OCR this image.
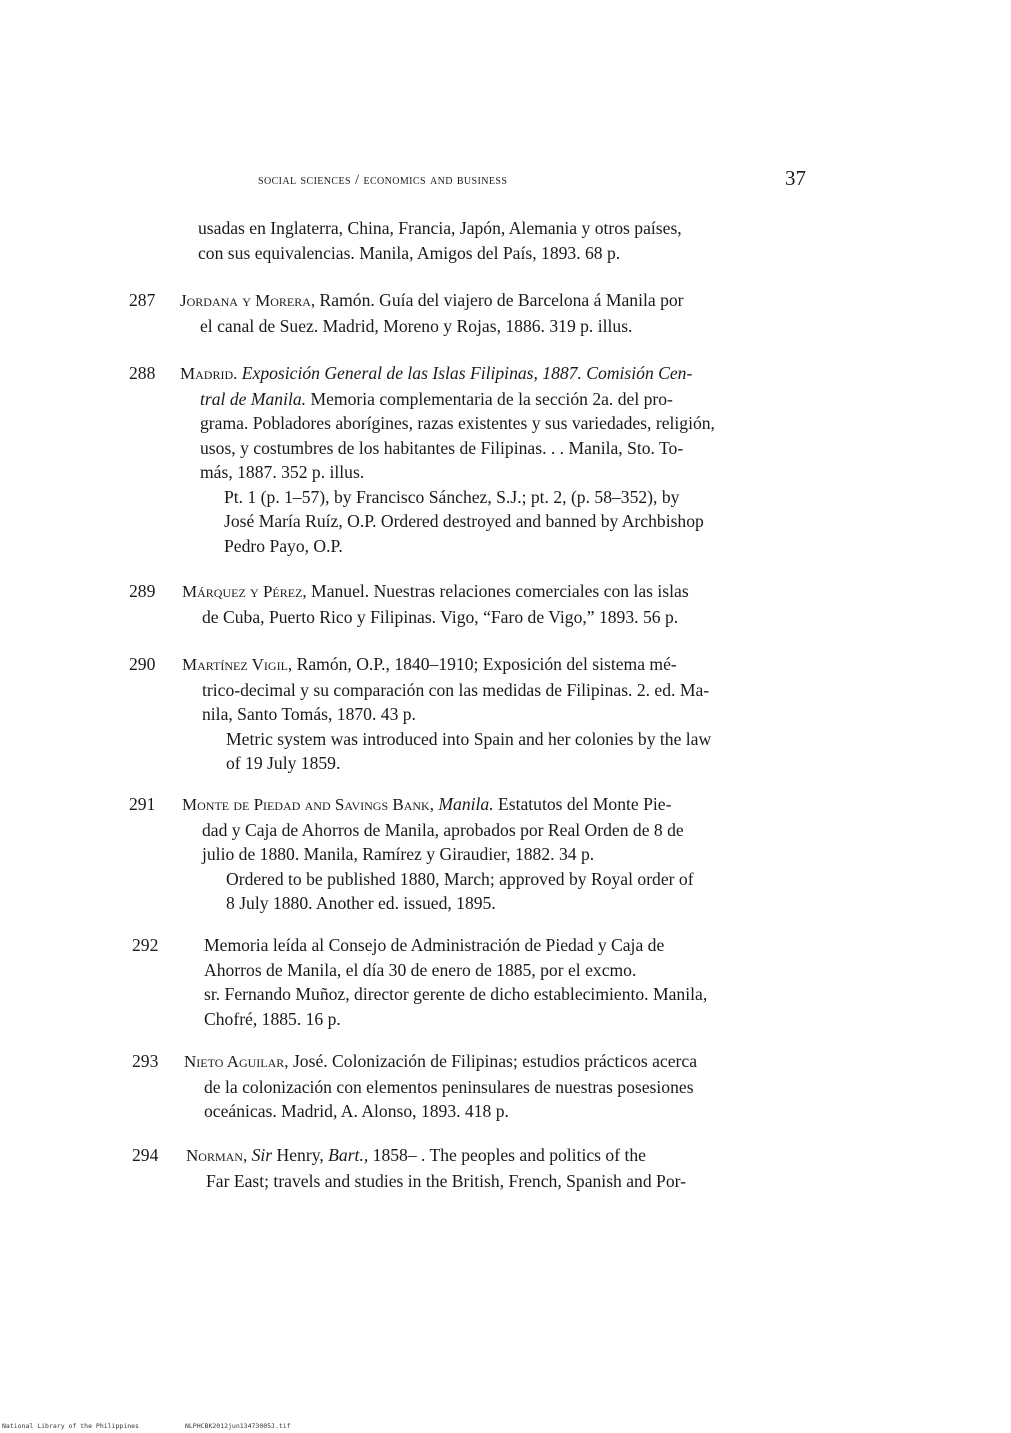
social sciences / economics and business	37

usadas en Inglaterra, China, Francia, Japón, Alemania y otros países,

con sus equivalencias. Manila, Amigos del País, 1893. 68 p.

287 Jordana y Morera, Ramón. Guía del viajero de Barcelona á Manila por

el canal de Suez. Madrid, Moreno y Rojas, 1886. 319 p. illus.

288 Madrid. Exposición General de las Islas Filipinas, 1887. Comisión Cen-

tral de Manila. Memoria complementaria de la sección 2a. del pro-

grama. Pobladores aborígines, razas existentes y sus variedades, religión,

usos, y costumbres de los habitantes de Filipinas. . . Manila, Sto. To-

más, 1887. 352 p. illus.

Pt. 1 (p. 1–57), by Francisco Sánchez, S.J.; pt. 2, (p. 58–352), by

José María Ruíz, O.P. Ordered destroyed and banned by Archbishop

Pedro Payo, O.P.

289 Márquez y Pérez, Manuel. Nuestras relaciones comerciales con las islas

de Cuba, Puerto Rico y Filipinas. Vigo, “Faro de Vigo,” 1893. 56 p.

290 Martínez Vigil, Ramón, O.P., 1840–1910; Exposición del sistema mé-

trico-decimal y su comparación con las medidas de Filipinas. 2. ed. Ma-

nila, Santo Tomás, 1870. 43 p.

Metric system was introduced into Spain and her colonies by the law

of 19 July 1859.

291 Monte de Piedad and Savings Bank, Manila. Estatutos del Monte Pie-

dad y Caja de Ahorros de Manila, aprobados por Real Orden de 8 de

julio de 1880. Manila, Ramírez y Giraudier, 1882. 34 p.

Ordered to be published 1880, March; approved by Royal order of

8 July 1880. Another ed. issued, 1895.

292	Memoria leída al Consejo de Administración de Piedad y Caja de

Ahorros de Manila, el día 30 de enero de 1885, por el excmo.

sr. Fernando Muñoz, director gerente de dicho establecimiento. Manila,

Chofré, 1885. 16 p.

293 Nieto Aguilar, José. Colonización de Filipinas; estudios prácticos acerca

de la colonización con elementos peninsulares de nuestras posesiones

oceánicas. Madrid, A. Alonso, 1893. 418 p.

294 Norman, Sir Henry, Bart., 1858– . The peoples and politics of the

Far East; travels and studies in the British, French, Spanish and Por-

National Library of the Philippines	NLPHCBK2012jun13473005J.tif
